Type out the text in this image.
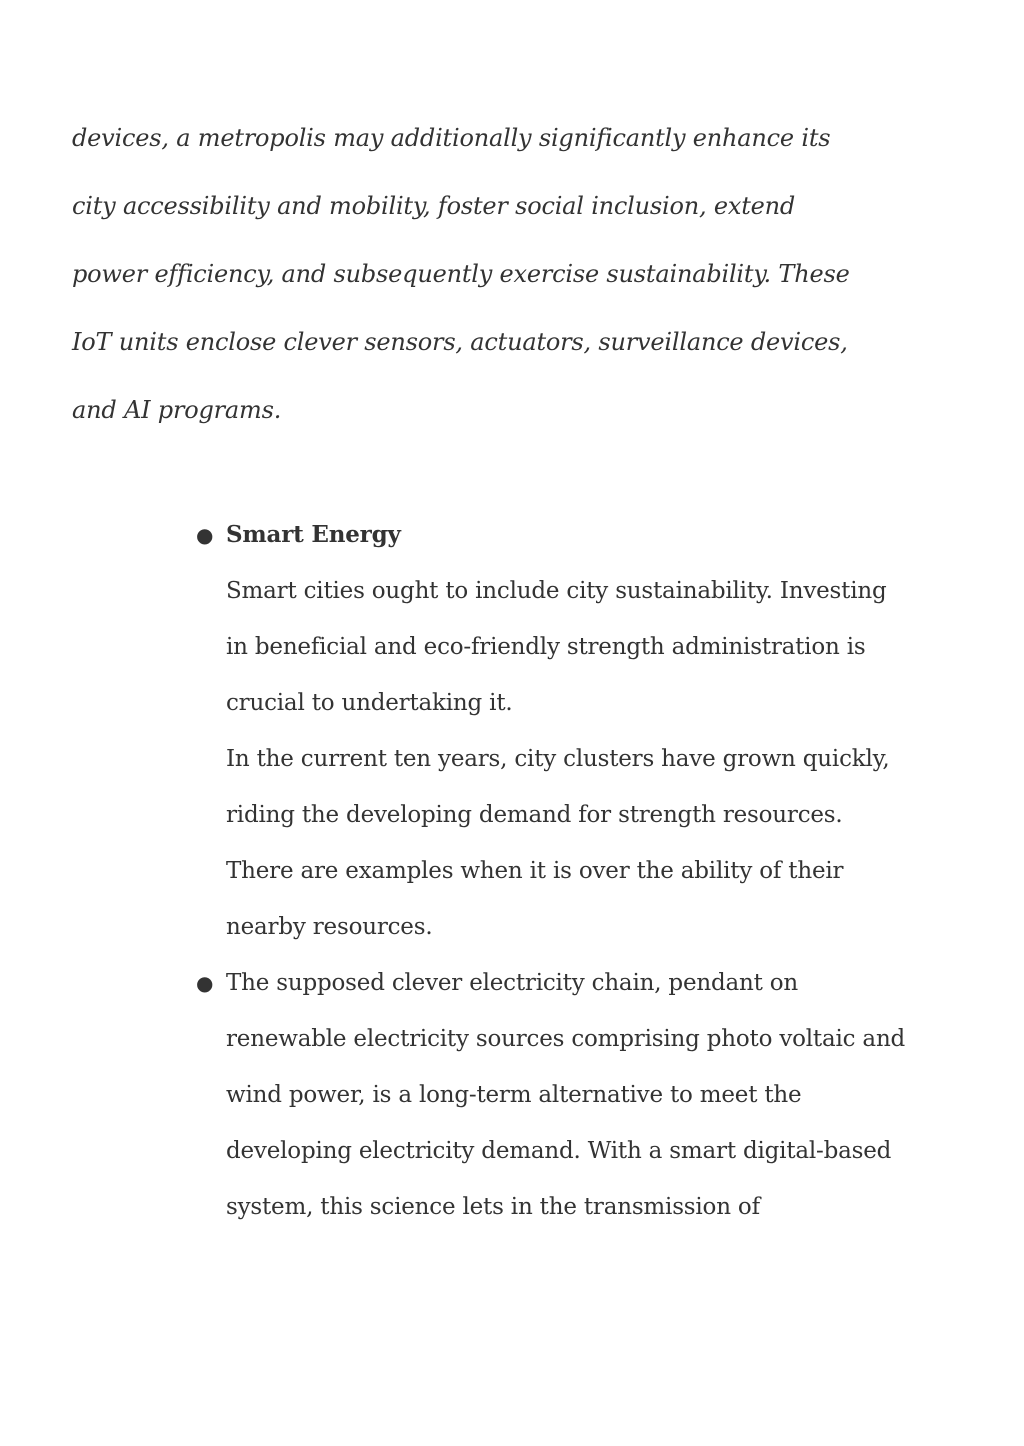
devices, a metropolis may additionally significantly enhance its
city accessibility and mobility, foster social inclusion, extend
power efficiency, and subsequently exercise sustainability. These
IoT units enclose clever sensors, actuators, surveillance devices,
and AI programs.

● Smart Energy
Smart cities ought to include city sustainability. Investing
in beneficial and eco-friendly strength administration is
crucial to undertaking it.
In the current ten years, city clusters have grown quickly,
riding the developing demand for strength resources.
There are examples when it is over the ability of their
nearby resources.
● The supposed clever electricity chain, pendant on
renewable electricity sources comprising photo voltaic and
wind power, is a long-term alternative to meet the
developing electricity demand. With a smart digital-based
system, this science lets in the transmission of
